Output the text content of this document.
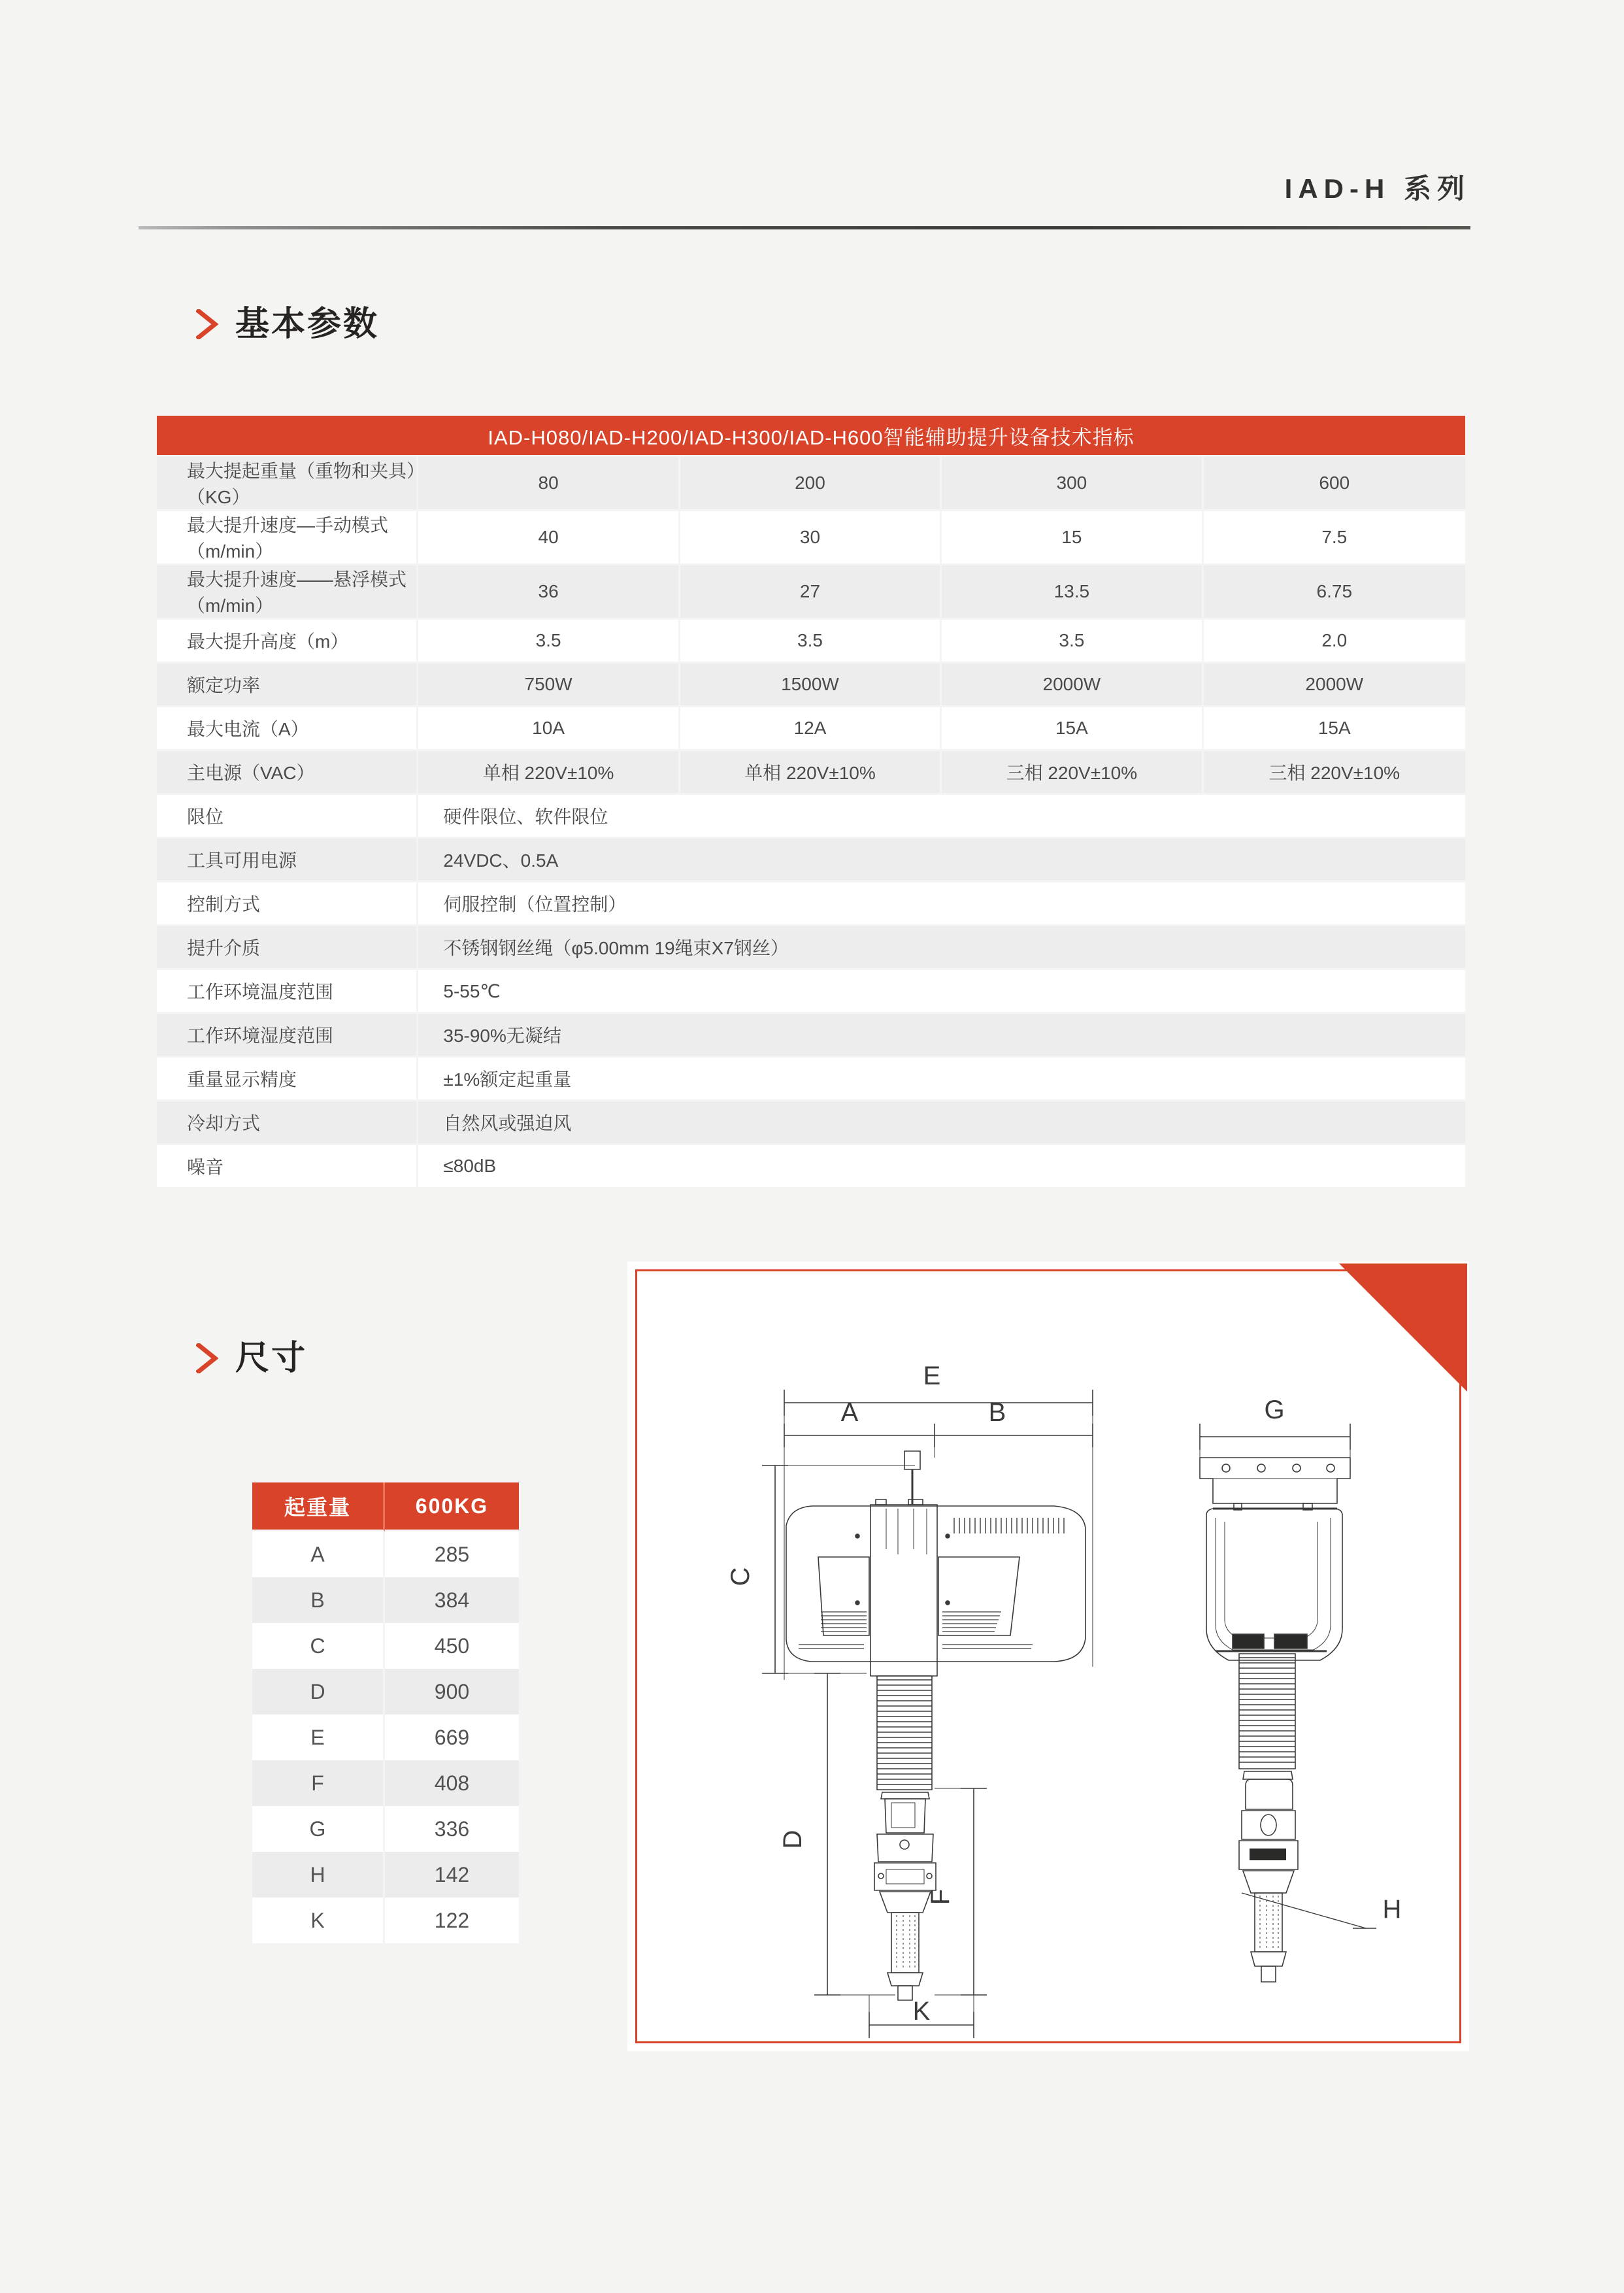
IAD-H 系列
基本参数
IAD-H080/IAD-H200/IAD-H300/IAD-H600智能辅助提升设备技术指标				
最大提起重量（重物和夹具）（KG）	80	200	300	600
最大提升速度—手动模式（m/min）	40	30	15	7.5
最大提升速度——悬浮模式（m/min）	36	27	13.5	6.75
最大提升高度（m）	3.5	3.5	3.5	2.0
额定功率	750W	1500W	2000W	2000W
最大电流（A）	10A	12A	15A	15A
主电源（VAC）	单相 220V±10%	单相 220V±10%	三相 220V±10%	三相 220V±10%
限位	硬件限位、软件限位			
工具可用电源	24VDC、0.5A			
控制方式	伺服控制（位置控制）			
提升介质	不锈钢钢丝绳（φ5.00mm 19绳束X7钢丝）			
工作环境温度范围	5-55℃			
工作环境湿度范围	35-90%无凝结			
重量显示精度	±1%额定起重量			
冷却方式	自然风或强迫风			
噪音	≤80dB			
尺寸
起重量	600KG
A	285
B	384
C	450
D	900
E	669
F	408
G	336
H	142
K	122
E
A	B
C
D
F
K
G
H
